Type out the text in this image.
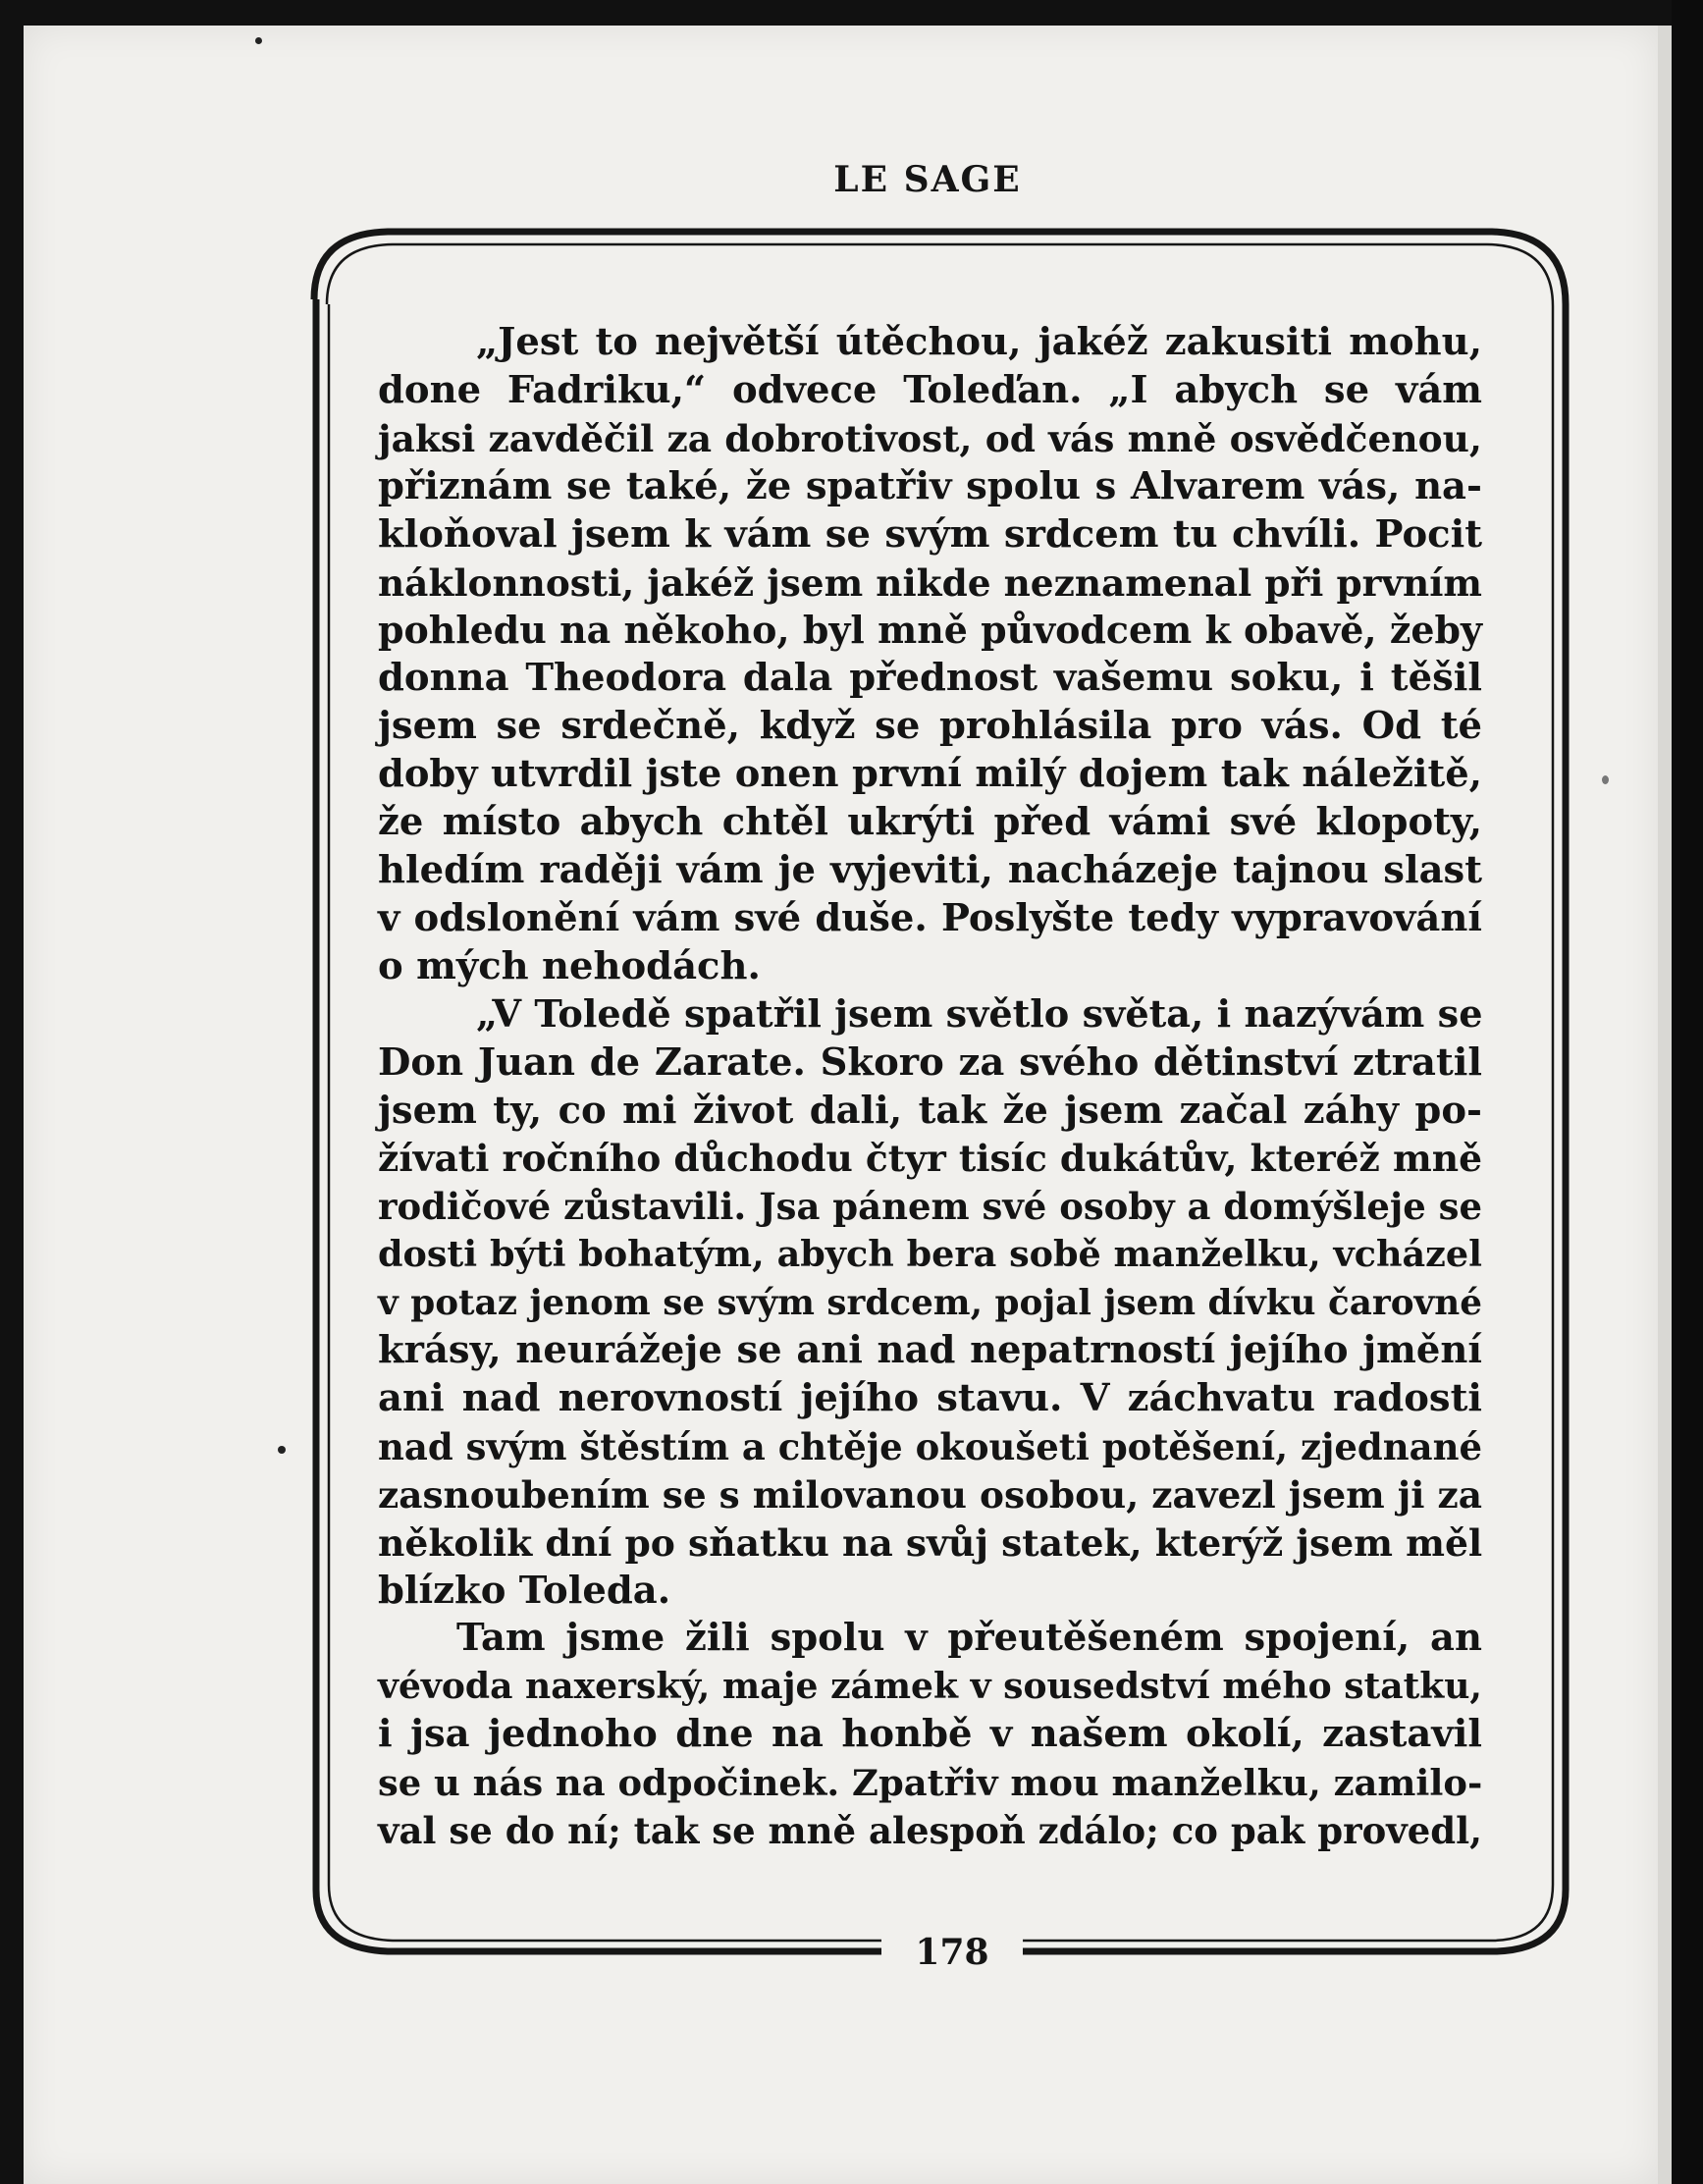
LE SAGE
„Jest to největší útěchou, jakéž zakusiti mohu,
done Fadriku,“ odvece Toleďan. „I abych se vám
jaksi zavděčil za dobrotivost, od vás mně osvědčenou,
přiznám se také, že spatřiv spolu s Alvarem vás, na-
kloňoval jsem k vám se svým srdcem tu chvíli. Pocit
náklonnosti, jakéž jsem nikde neznamenal při prvním
pohledu na někoho, byl mně původcem k obavě, žeby
donna Theodora dala přednost vašemu soku, i těšil
jsem se srdečně, když se prohlásila pro vás. Od té
doby utvrdil jste onen první milý dojem tak náležitě,
že místo abych chtěl ukrýti před vámi své klopoty,
hledím raději vám je vyjeviti, nacházeje tajnou slast
v odslonění vám své duše. Poslyšte tedy vypravování
o mých nehodách.
„V Toledě spatřil jsem světlo světa, i nazývám se
Don Juan de Zarate. Skoro za svého dětinství ztratil
jsem ty, co mi život dali, tak že jsem začal záhy po-
žívati ročního důchodu čtyr tisíc dukátův, kteréž mně
rodičové zůstavili. Jsa pánem své osoby a domýšleje se
dosti býti bohatým, abych bera sobě manželku, vcházel
v potaz jenom se svým srdcem, pojal jsem dívku čarovné
krásy, neurážeje se ani nad nepatrností jejího jmění
ani nad nerovností jejího stavu. V záchvatu radosti
nad svým štěstím a chtěje okoušeti potěšení, zjednané
zasnoubením se s milovanou osobou, zavezl jsem ji za
několik dní po sňatku na svůj statek, kterýž jsem měl
blízko Toleda.
Tam jsme žili spolu v přeutěšeném spojení, an
vévoda naxerský, maje zámek v sousedství mého statku,
i jsa jednoho dne na honbě v našem okolí, zastavil
se u nás na odpočinek. Zpatřiv mou manželku, zamilo-
val se do ní; tak se mně alespoň zdálo; co pak provedl,
178
